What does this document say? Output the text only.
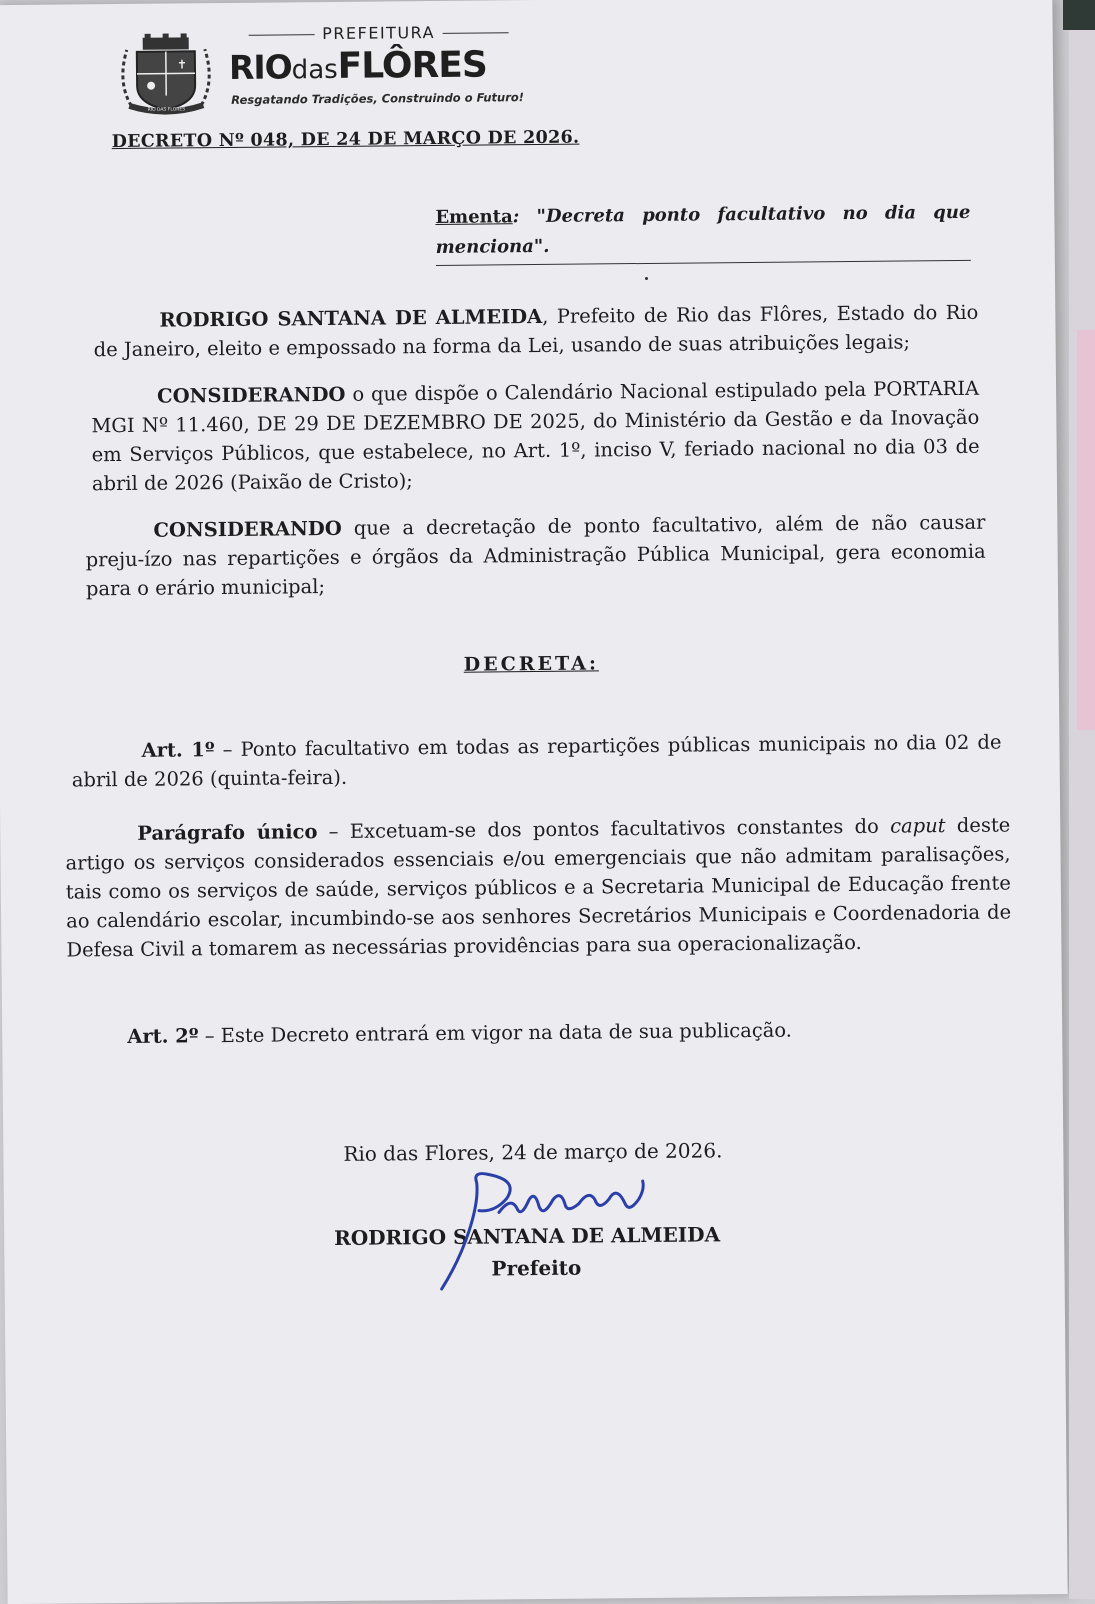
✝
RIO DAS FLORES
PREFEITURA
RIOdasFLÔRES
Resgatando Tradições, Construindo o Futuro!
DECRETO Nº 048, DE 24 DE MARÇO DE 2026.
Ementa: "Decreta ponto facultativo no dia que menciona".
RODRIGO SANTANA DE ALMEIDA, Prefeito de Rio das Flôres, Estado do Rio de Janeiro, eleito e empossado na forma da Lei, usando de suas atribuições legais;
CONSIDERANDO o que dispõe o Calendário Nacional estipulado pela PORTARIA MGI Nº 11.460, DE 29 DE DEZEMBRO DE 2025, do Ministério da Gestão e da Inovação em Serviços Públicos, que estabelece, no Art. 1º, inciso V, feriado nacional no dia 03 de abril de 2026 (Paixão de Cristo);
CONSIDERANDO que a decretação de ponto facultativo, além de não causar preju-ízo nas repartições e órgãos da Administração Pública Municipal, gera economia para o erário municipal;
DECRETA:
Art. 1º – Ponto facultativo em todas as repartições públicas municipais no dia 02 de abril de 2026 (quinta-feira).
Parágrafo único – Excetuam-se dos pontos facultativos constantes do caput deste artigo os serviços considerados essenciais e/ou emergenciais que não admitam paralisações, tais como os serviços de saúde, serviços públicos e a Secretaria Municipal de Educação frente ao calendário escolar, incumbindo-se aos senhores Secretários Municipais e Coordenadoria de Defesa Civil a tomarem as necessárias providências para sua operacionalização.
Art. 2º – Este Decreto entrará em vigor na data de sua publicação.
Rio das Flores, 24 de março de 2026.
RODRIGO SANTANA DE ALMEIDA
Prefeito
